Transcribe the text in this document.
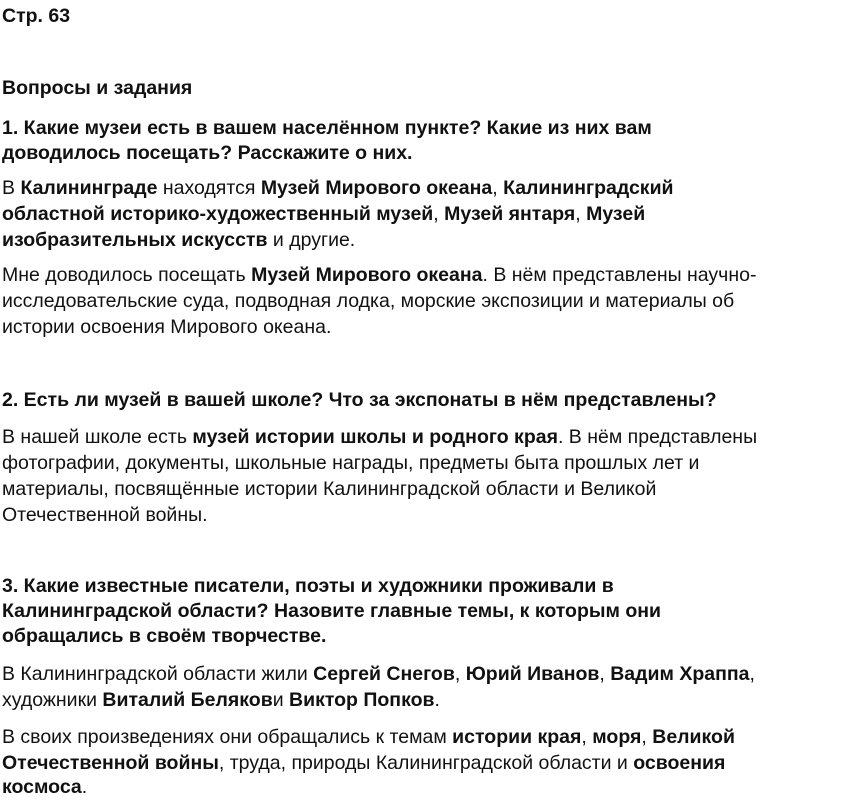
Стр. 63
Вопросы и задания
1. Какие музеи есть в вашем населённом пункте? Какие из них вам
доводилось посещать? Расскажите о них.
В Калининграде находятся Музей Мирового океана, Калининградский
областной историко-художественный музей, Музей янтаря, Музей
изобразительных искусств и другие.
Мне доводилось посещать Музей Мирового океана. В нём представлены научно-
исследовательские суда, подводная лодка, морские экспозиции и материалы об
истории освоения Мирового океана.
2. Есть ли музей в вашей школе? Что за экспонаты в нём представлены?
В нашей школе есть музей истории школы и родного края. В нём представлены
фотографии, документы, школьные награды, предметы быта прошлых лет и
материалы, посвящённые истории Калининградской области и Великой
Отечественной войны.
3. Какие известные писатели, поэты и художники проживали в
Калининградской области? Назовите главные темы, к которым они
обращались в своём творчестве.
В Калининградской области жили Сергей Снегов, Юрий Иванов, Вадим Храппа,
художники Виталий Белякови Виктор Попков.
В своих произведениях они обращались к темам истории края, моря, Великой
Отечественной войны, труда, природы Калининградской области и освоения
космоса.
